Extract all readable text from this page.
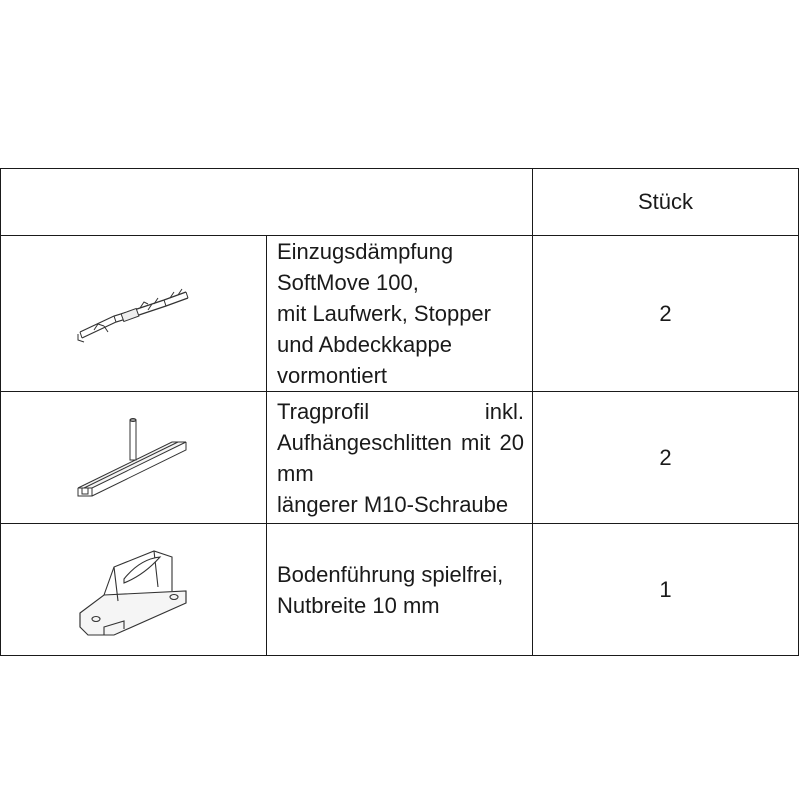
		Stück

Einzugsdämpfung SoftMove 100,
mit Laufwerk, Stopper und Abdeckkappe
vormontiert	2

Tragprofil inkl. Aufhängeschlitten mit 20 mm
längerer M10-Schraube	2

Bodenführung spielfrei, Nutbreite 10 mm	1
